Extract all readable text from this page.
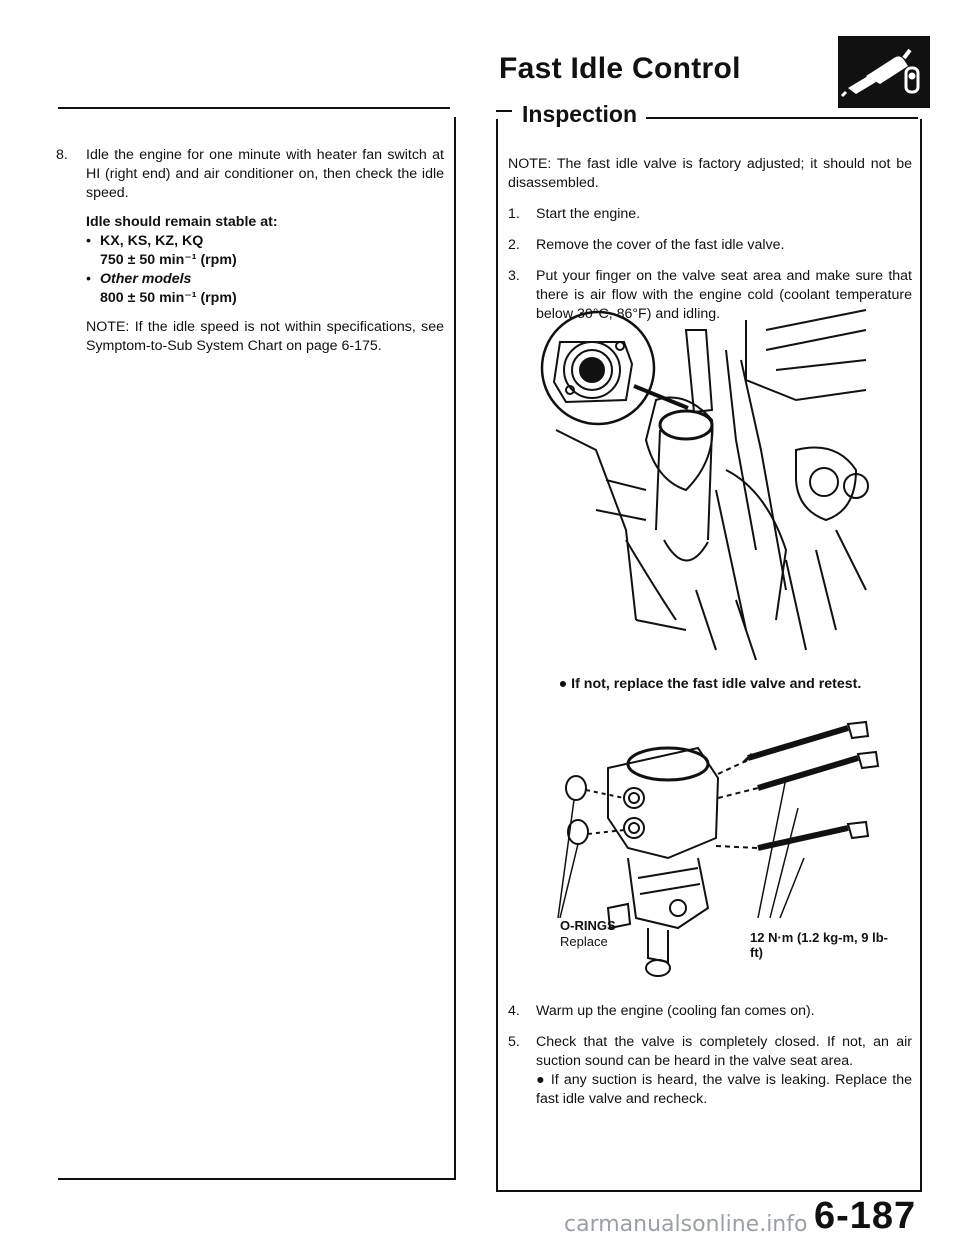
Fast Idle Control
Inspection
8.	Idle the engine for one minute with heater fan switch at HI (right end) and air conditioner on, then check the idle speed.

Idle should remain stable at:

• KX, KS, KZ, KQ

750 ± 50 min⁻¹ (rpm)

• Other models

800 ± 50 min⁻¹ (rpm)

NOTE: If the idle speed is not within specifications, see Symptom-to-Sub System Chart on page 6-175.

NOTE: The fast idle valve is factory adjusted; it should not be disassembled.

1.	Start the engine.
2.	Remove the cover of the fast idle valve.
3.	Put your finger on the valve seat area and make sure that there is air flow with the engine cold (coolant temperature below 30°C, 86°F) and idling.

● If not, replace the fast idle valve and retest.

O-RINGS
Replace	12 N·m (1.2 kg-m, 9 lb-ft)
4.	Warm up the engine (cooling fan comes on).
5.	Check that the valve is completely closed. If not, an air suction sound can be heard in the valve seat area.
● If any suction is heard, the valve is leaking. Replace the fast idle valve and recheck.
6-187
carmanualsonline.info
